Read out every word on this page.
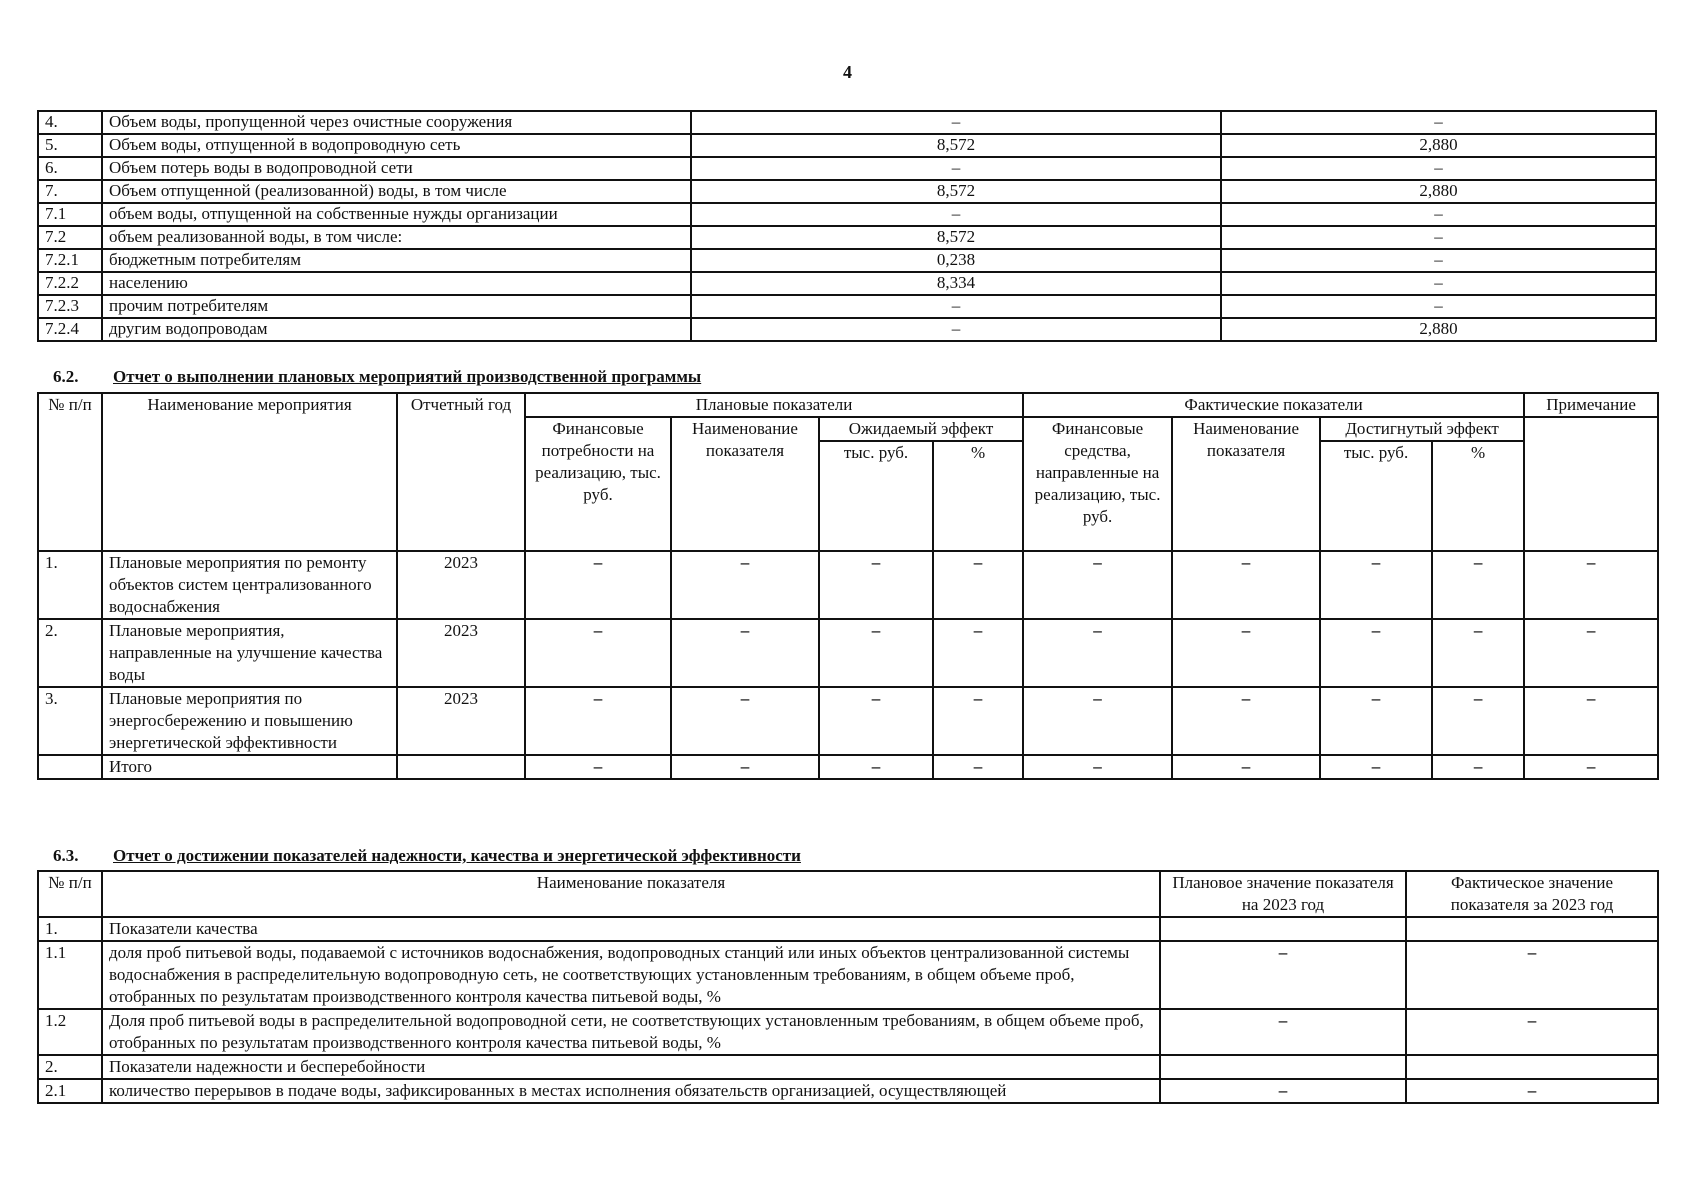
4
4.	Объем воды, пропущенной через очистные сооружения	–	–
5.	Объем воды, отпущенной в водопроводную сеть	8,572	2,880
6.	Объем потерь воды в водопроводной сети	–	–
7.	Объем отпущенной (реализованной) воды, в том числе	8,572	2,880
7.1	объем воды, отпущенной на собственные нужды организации	–	–
7.2	объем реализованной воды, в том числе:	8,572	–
7.2.1	бюджетным потребителям	0,238	–
7.2.2	населению	8,334	–
7.2.3	прочим потребителям	–	–
7.2.4	другим водопроводам	–	2,880
6.2. Отчет о выполнении плановых мероприятий производственной программы
№ п/п	Наименование мероприятия	Отчетный год	Плановые показатели				Фактические показатели				Примечание
			Финансовые потребности на реализацию, тыс. руб.	Наименование показателя	Ожидаемый эффект		Финансовые средства, направленные на реализацию, тыс. руб.	Наименование показателя	Достигнутый эффект		
					тыс. руб.	%			тыс. руб.	%	
1.	Плановые мероприятия по ремонту объектов систем централизованного водоснабжения	2023	–	–	–	–	–	–	–	–	–
2.	Плановые мероприятия, направленные на улучшение качества воды	2023	–	–	–	–	–	–	–	–	–
3.	Плановые мероприятия по энергосбережению и повышению энергетической эффективности	2023	–	–	–	–	–	–	–	–	–
	Итого		–	–	–	–	–	–	–	–	–
6.3. Отчет о достижении показателей надежности, качества и энергетической эффективности
№ п/п	Наименование показателя	Плановое значение показателя на 2023 год	Фактическое значение показателя за 2023 год
1.	Показатели качества		
1.1	доля проб питьевой воды, подаваемой с источников водоснабжения, водопроводных станций или иных объектов централизованной системы водоснабжения в распределительную водопроводную сеть, не соответствующих установленным требованиям, в общем объеме проб, отобранных по результатам производственного контроля качества питьевой воды, %	–	–
1.2	Доля проб питьевой воды в распределительной водопроводной сети, не соответствующих установленным требованиям, в общем объеме проб, отобранных по результатам производственного контроля качества питьевой воды, %	–	–
2.	Показатели надежности и бесперебойности		
2.1	количество перерывов в подаче воды, зафиксированных в местах исполнения обязательств организацией, осуществляющей	–	–
